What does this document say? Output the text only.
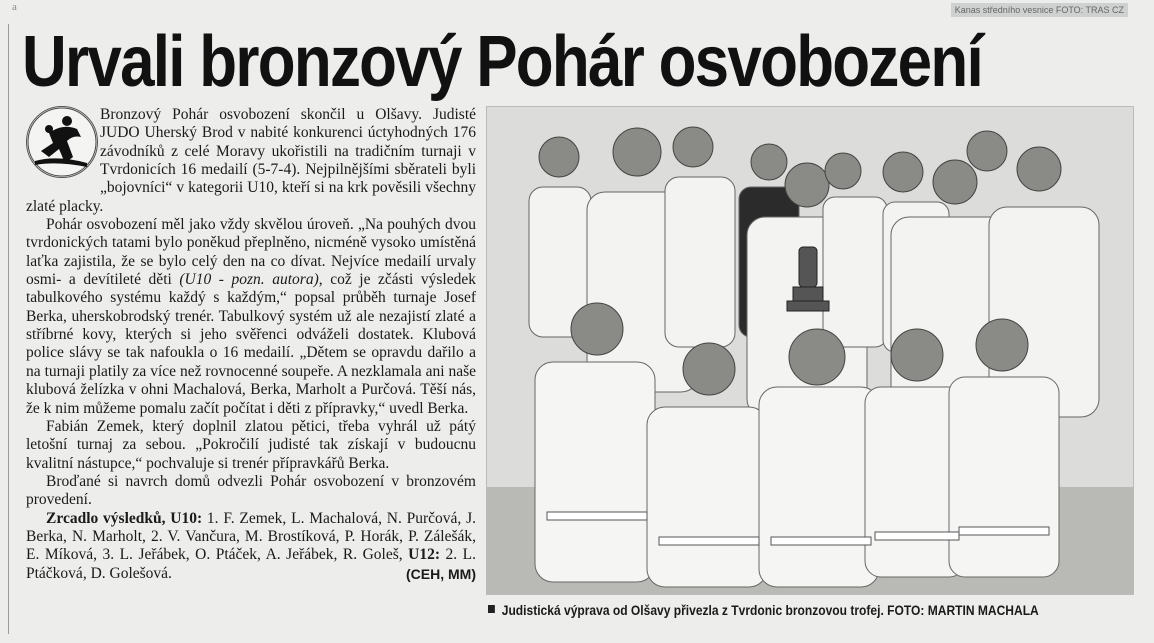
a	Kanas středního vesnice FOTO: TRAS CZ
Urvali bronzový Pohár osvobození

Bronzový Pohár osvobození skončil u Olšavy. Judisté JUDO Uherský Brod v nabité konkurenci úctyhodných 176 závodníků z celé Moravy ukořistili na tradičním turnaji v Tvrdonicích 16 medailí (5-7-4). Nejpilnějšími sběrateli byli „bojovníci“ v kategorii U10, kteří si na krk pověsili všechny zlaté placky.

Pohár osvobození měl jako vždy skvělou úroveň. „Na pouhých dvou tvrdonických tatami bylo poněkud přeplněno, nicméně vysoko umístěná laťka zajistila, že se bylo celý den na co dívat. Nejvíce medailí urvaly osmi- a devítileté děti (U10 - pozn. autora), což je zčásti výsledek tabulkového systému každý s každým,“ popsal průběh turnaje Josef Berka, uherskobrodský trenér. Tabulkový systém už ale nezajistí zlaté a stříbrné kovy, kterých si jeho svěřenci odváželi dostatek. Klubová police slávy se tak nafoukla o 16 medailí. „Dětem se opravdu dařilo a na turnaji platily za více než rovnocenné soupeře. A nezklamala ani naše klubová želízka v ohni Machalová, Berka, Marholt a Purčová. Těší nás, že k nim můžeme pomalu začít počítat i děti z přípravky,“ uvedl Berka.

Fabián Zemek, který doplnil zlatou pětici, třeba vyhrál už pátý letošní turnaj za sebou. „Pokročilí judisté tak získají v budoucnu kvalitní nástupce,“ pochvaluje si trenér přípravkářů Berka.

Broďané si navrch domů odvezli Pohár osvobození v bronzovém provedení.

Zrcadlo výsledků, U10: 1. F. Zemek, L. Machalová, N. Purčová, J. Berka, N. Marholt, 2. V. Vančura, M. Brostíková, P. Horák, P. Zálešák, E. Míková, 3. L. Jeřábek, O. Ptáček, A. Jeřábek, R. Goleš, U12: 2. L. Ptáčková, D. Golešová.	(CEH, MM)

Judistická výprava od Olšavy přivezla z Tvrdonic bronzovou trofej. FOTO: MARTIN MACHALA
